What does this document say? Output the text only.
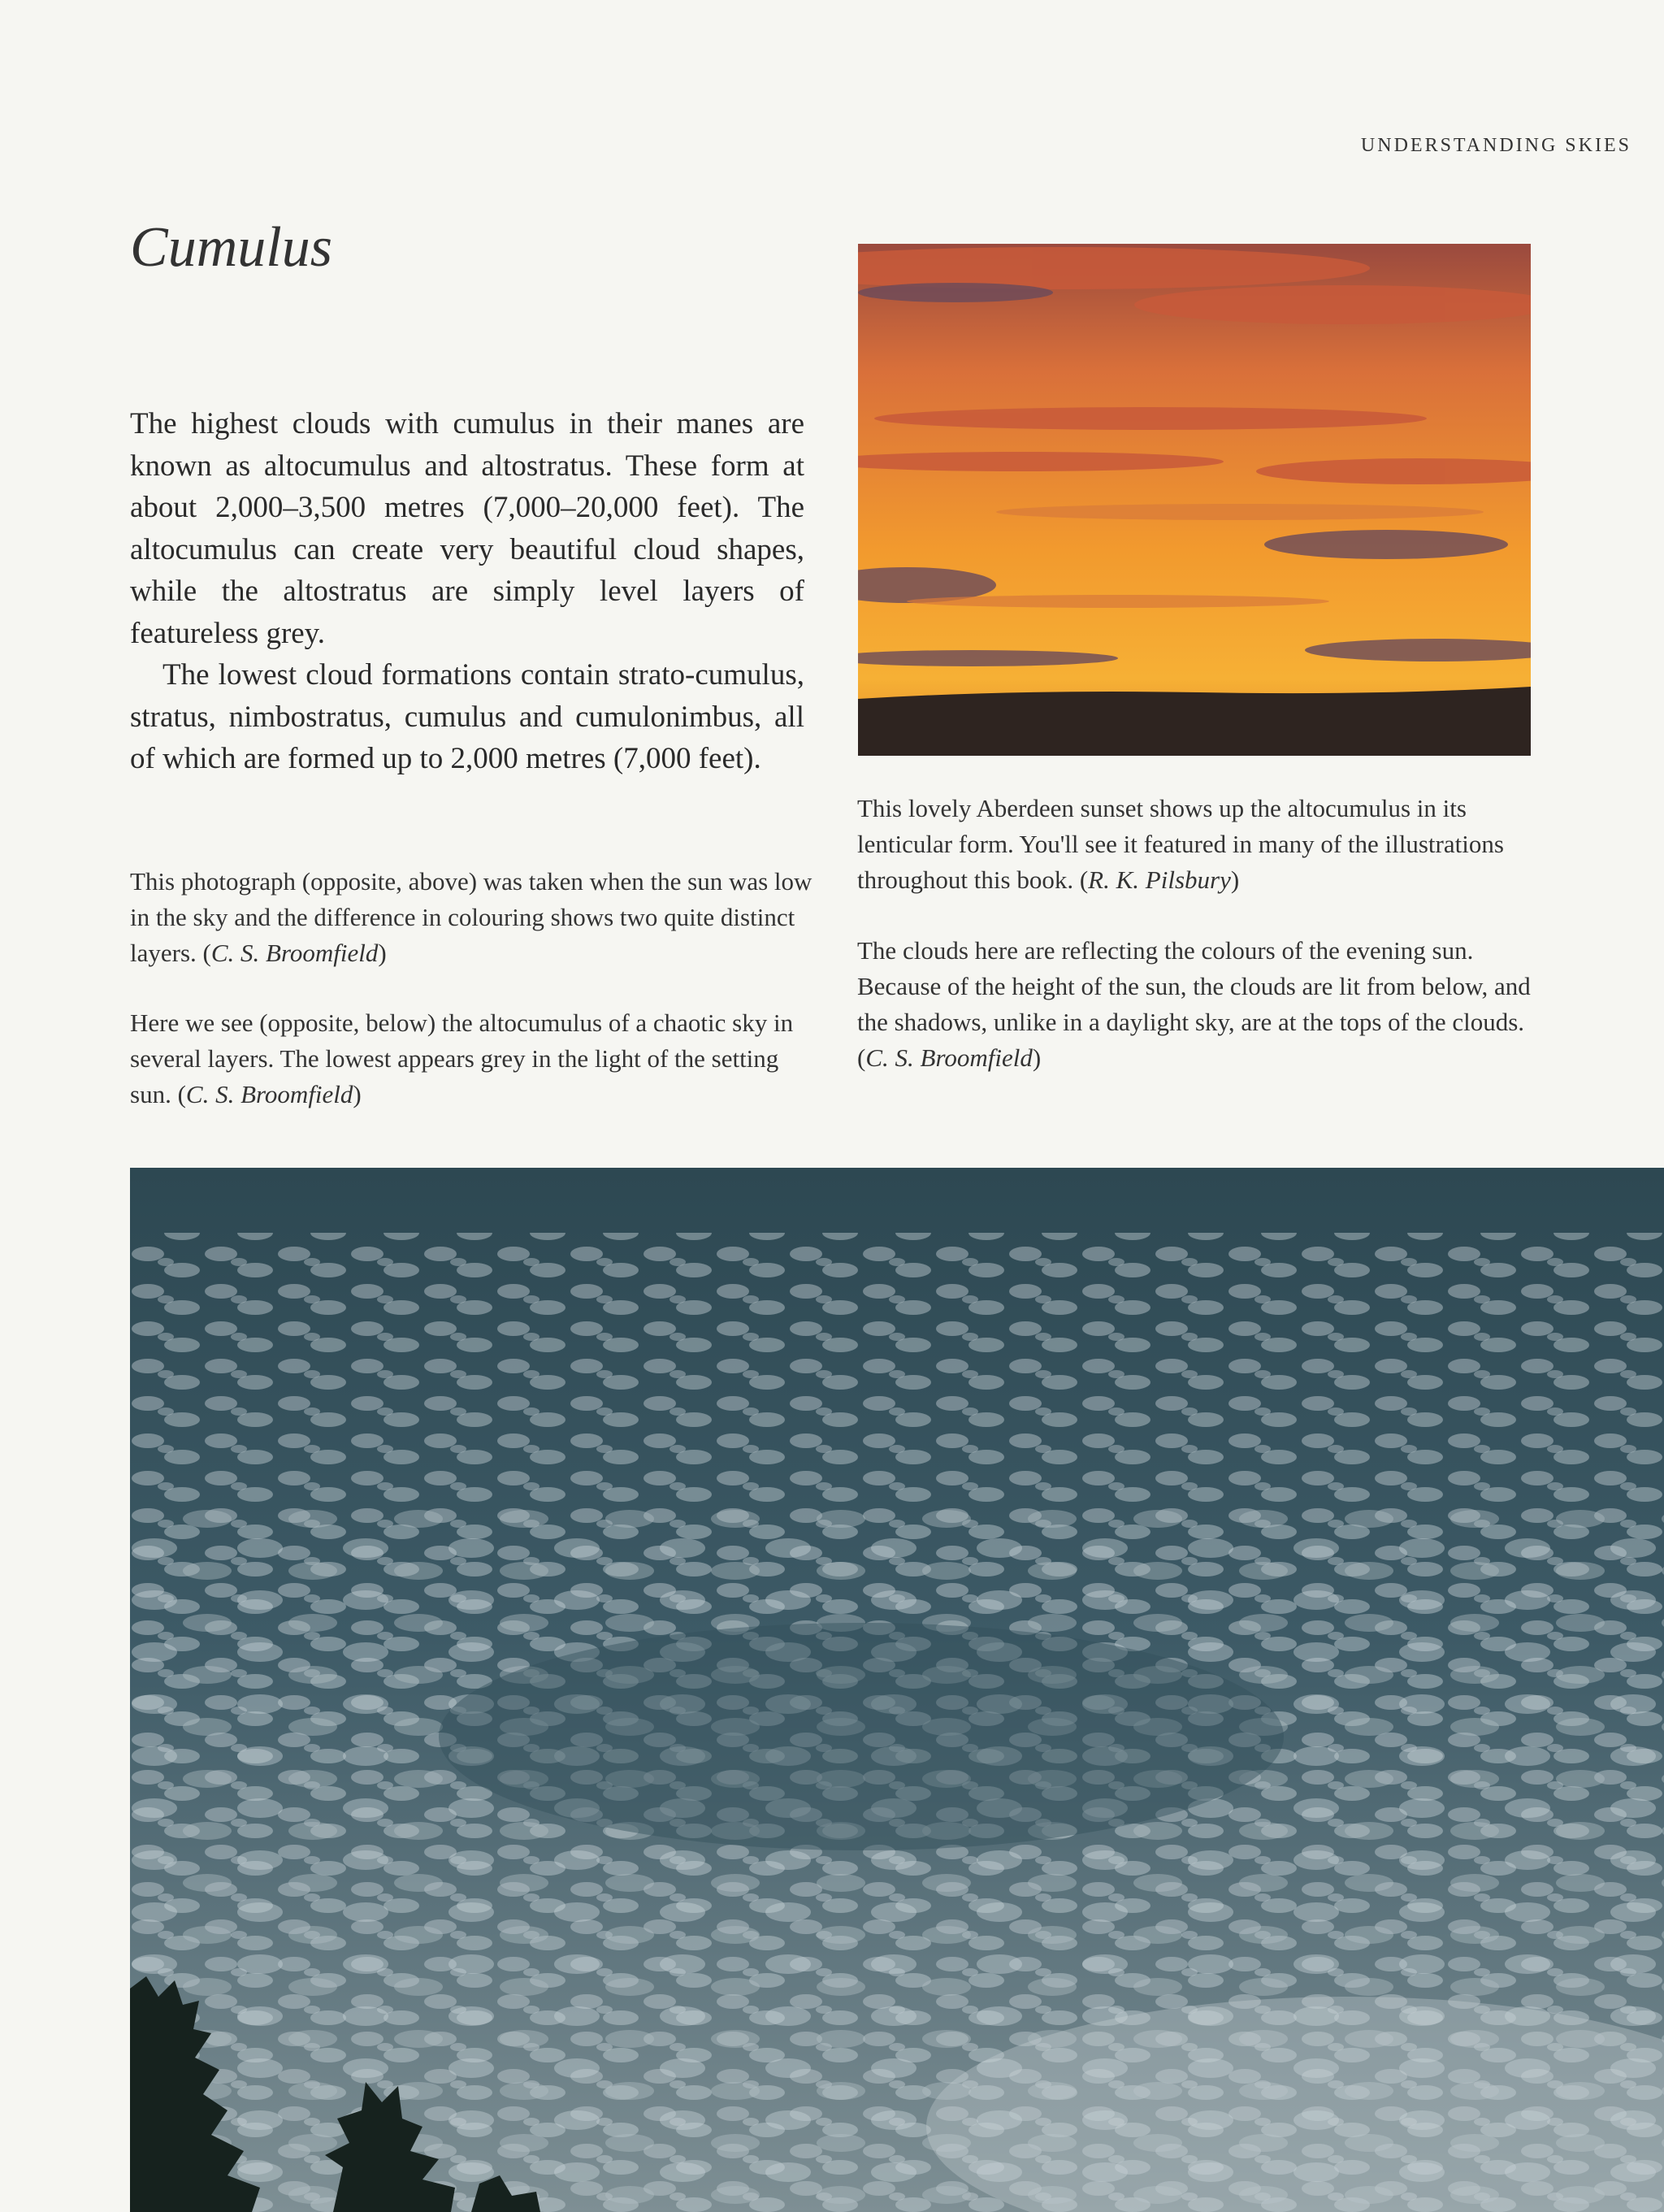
UNDERSTANDING SKIES
Cumulus

The highest clouds with cumulus in their manes are known as altocumulus and altostratus. These form at about 2,000–3,500 metres (7,000–20,000 feet). The altocumulus can create very beautiful cloud shapes, while the altostratus are simply level layers of featureless grey.

The lowest cloud formations contain strato-cumulus, stratus, nimbostratus, cumulus and cumulonimbus, all of which are formed up to 2,000 metres (7,000 feet).

This photograph (opposite, above) was taken when the sun was low in the sky and the difference in colouring shows two quite distinct layers. (C. S. Broomfield)
Here we see (opposite, below) the altocumulus of a chaotic sky in several layers. The lowest appears grey in the light of the setting sun. (C. S. Broomfield)
This lovely Aberdeen sunset shows up the altocumulus in its lenticular form. You'll see it featured in many of the illustrations throughout this book. (R. K. Pilsbury)
The clouds here are reflecting the colours of the evening sun. Because of the height of the sun, the clouds are lit from below, and the shadows, unlike in a daylight sky, are at the tops of the clouds.
(C. S. Broomfield)
